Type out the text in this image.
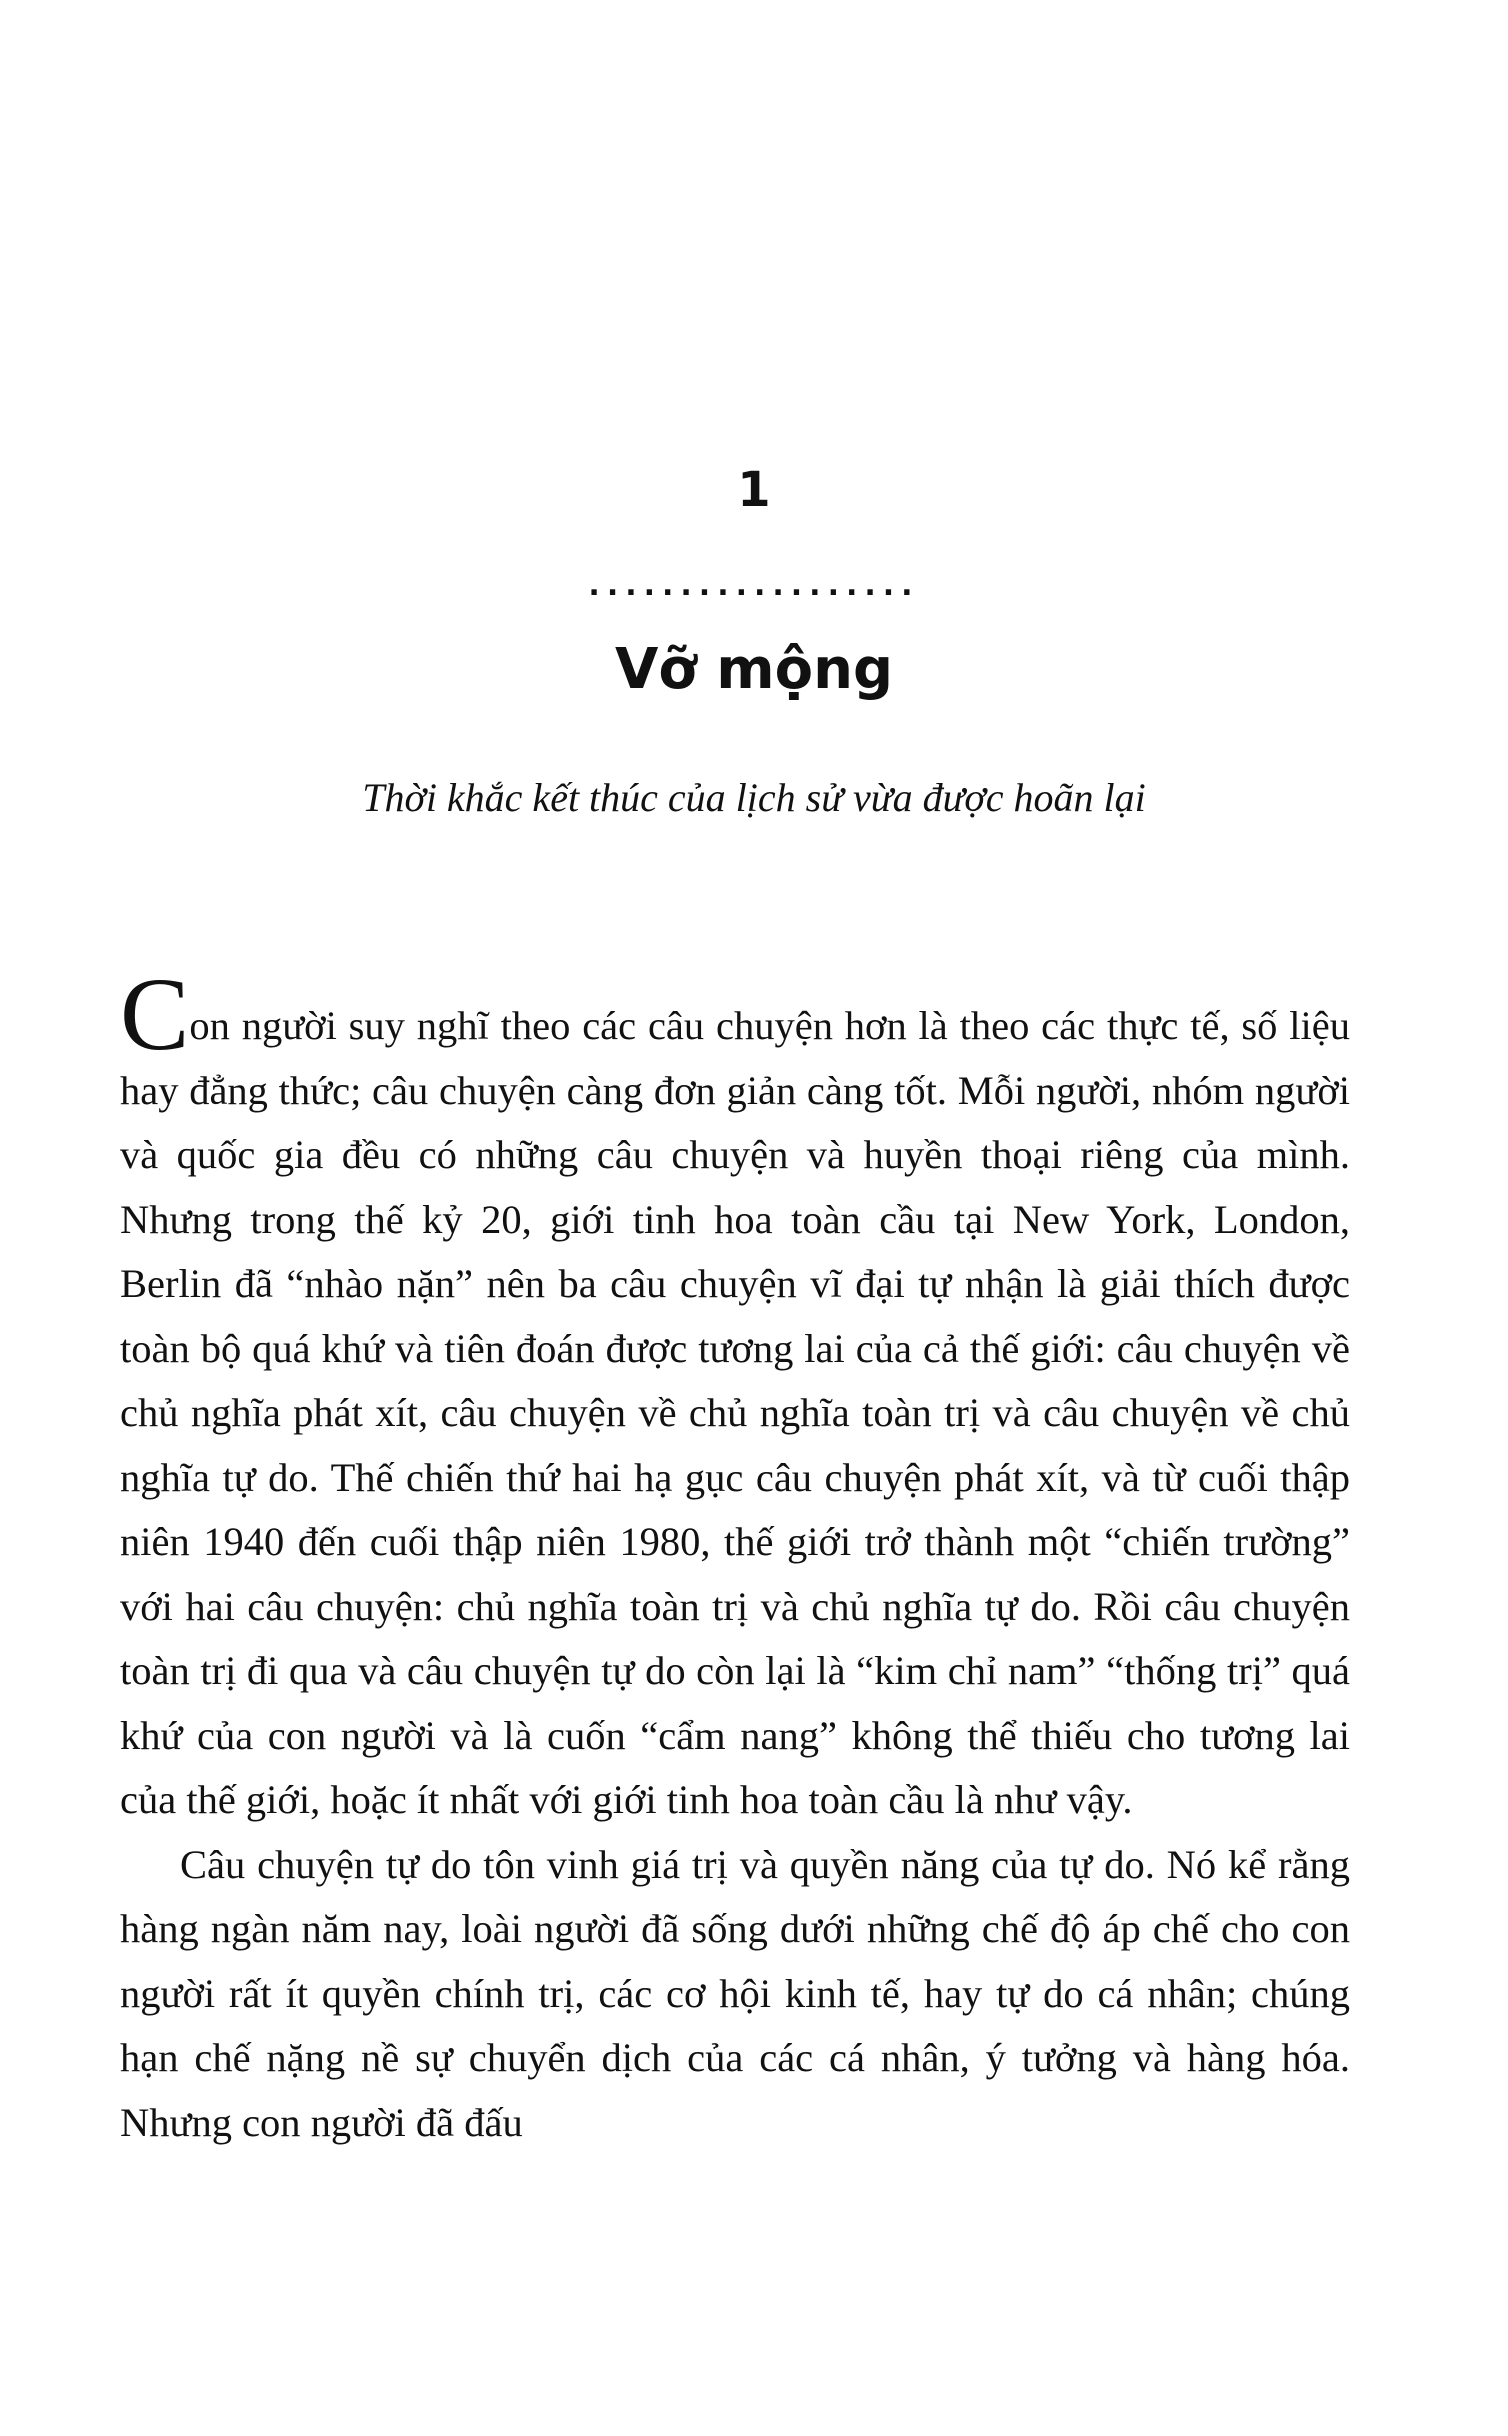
1
..................
Vỡ mộng
Thời khắc kết thúc của lịch sử vừa được hoãn lại

Con người suy nghĩ theo các câu chuyện hơn là theo các thực tế, số liệu hay đẳng thức; câu chuyện càng đơn giản càng tốt. Mỗi người, nhóm người và quốc gia đều có những câu chuyện và huyền thoại riêng của mình. Nhưng trong thế kỷ 20, giới tinh hoa toàn cầu tại New York, London, Berlin đã “nhào nặn” nên ba câu chuyện vĩ đại tự nhận là giải thích được toàn bộ quá khứ và tiên đoán được tương lai của cả thế giới: câu chuyện về chủ nghĩa phát xít, câu chuyện về chủ nghĩa toàn trị và câu chuyện về chủ nghĩa tự do. Thế chiến thứ hai hạ gục câu chuyện phát xít, và từ cuối thập niên 1940 đến cuối thập niên 1980, thế giới trở thành một “chiến trường” với hai câu chuyện: chủ nghĩa toàn trị và chủ nghĩa tự do. Rồi câu chuyện toàn trị đi qua và câu chuyện tự do còn lại là “kim chỉ nam” “thống trị” quá khứ của con người và là cuốn “cẩm nang” không thể thiếu cho tương lai của thế giới, hoặc ít nhất với giới tinh hoa toàn cầu là như vậy.

Câu chuyện tự do tôn vinh giá trị và quyền năng của tự do. Nó kể rằng hàng ngàn năm nay, loài người đã sống dưới những chế độ áp chế cho con người rất ít quyền chính trị, các cơ hội kinh tế, hay tự do cá nhân; chúng hạn chế nặng nề sự chuyển dịch của các cá nhân, ý tưởng và hàng hóa. Nhưng con người đã đấu
